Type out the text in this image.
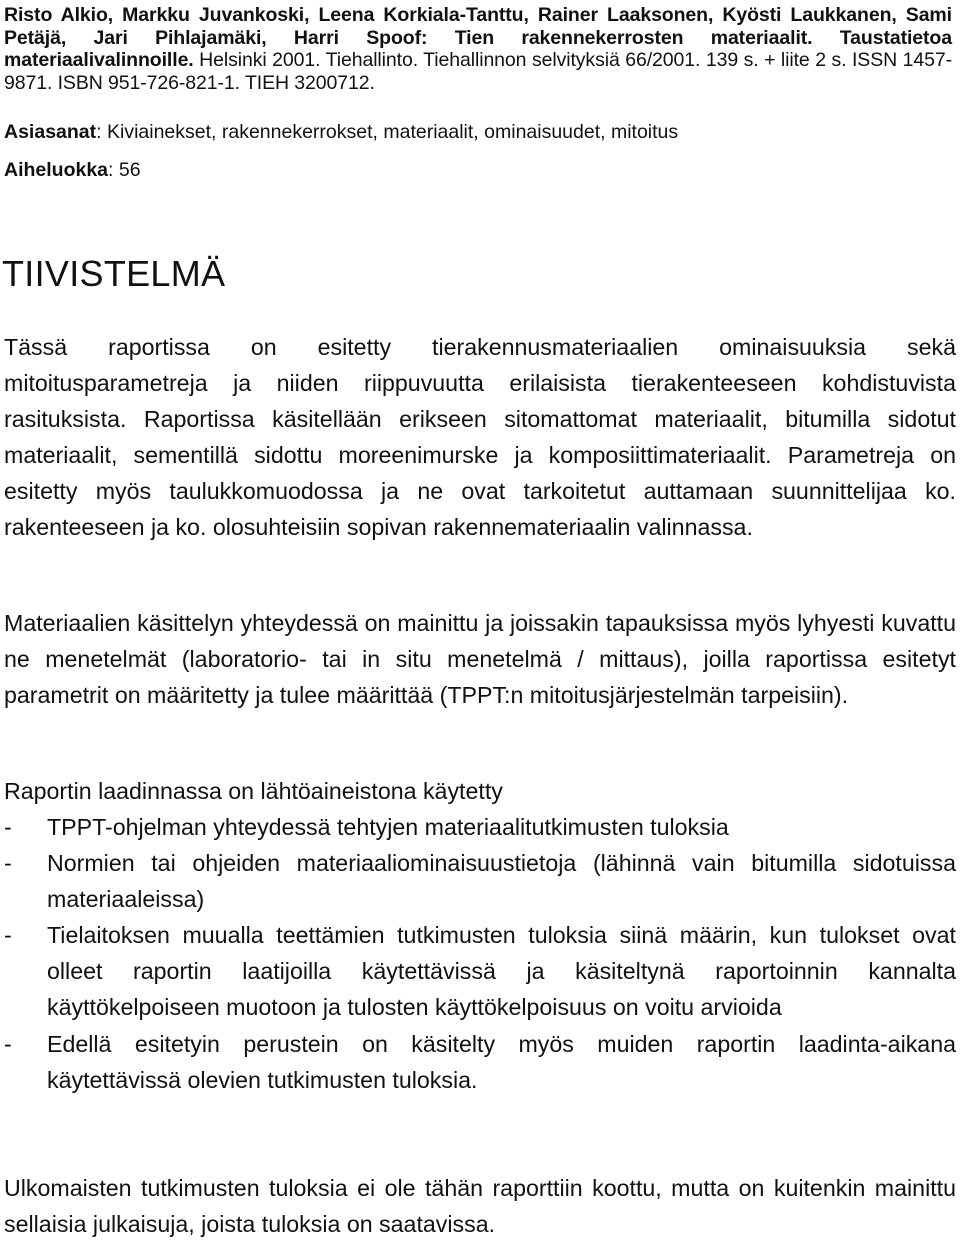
Risto Alkio, Markku Juvankoski, Leena Korkiala-Tanttu, Rainer Laaksonen, Kyösti Laukkanen, Sami Petäjä, Jari Pihlajamäki, Harri Spoof: Tien rakennekerrosten materiaalit. Taustatietoa materiaalivalinnoille. Helsinki 2001. Tiehallinto. Tiehallinnon selvityksiä 66/2001. 139 s. + liite 2 s. ISSN 1457-9871. ISBN 951-726-821-1. TIEH 3200712.
Asiasanat: Kiviainekset, rakennekerrokset, materiaalit, ominaisuudet, mitoitus
Aiheluokka: 56
TIIVISTELMÄ

Tässä raportissa on esitetty tierakennusmateriaalien ominaisuuksia sekä mitoitusparametreja ja niiden riippuvuutta erilaisista tierakenteeseen kohdistuvista rasituksista. Raportissa käsitellään erikseen sitomattomat materiaalit, bitumilla sidotut materiaalit, sementillä sidottu moreenimurske ja komposiittimateriaalit. Parametreja on esitetty myös taulukkomuodossa ja ne ovat tarkoitetut auttamaan suunnittelijaa ko. rakenteeseen ja ko. olosuhteisiin sopivan rakennemateriaalin valinnassa.

Materiaalien käsittelyn yhteydessä on mainittu ja joissakin tapauksissa myös lyhyesti kuvattu ne menetelmät (laboratorio- tai in situ menetelmä / mittaus), joilla raportissa esitetyt parametrit on määritetty ja tulee määrittää (TPPT:n mitoitusjärjestelmän tarpeisiin).

Raportin laadinnassa on lähtöaineistona käytetty

- TPPT-ohjelman yhteydessä tehtyjen materiaalitutkimusten tuloksia
- Normien tai ohjeiden materiaaliominaisuustietoja (lähinnä vain bitumilla sidotuissa materiaaleissa)
- Tielaitoksen muualla teettämien tutkimusten tuloksia siinä määrin, kun tulokset ovat olleet raportin laatijoilla käytettävissä ja käsiteltynä raportoinnin kannalta käyttökelpoiseen muotoon ja tulosten käyttökelpoisuus on voitu arvioida
- Edellä esitetyin perustein on käsitelty myös muiden raportin laadinta-aikana käytettävissä olevien tutkimusten tuloksia.

Ulkomaisten tutkimusten tuloksia ei ole tähän raporttiin koottu, mutta on kuitenkin mainittu sellaisia julkaisuja, joista tuloksia on saatavissa.
